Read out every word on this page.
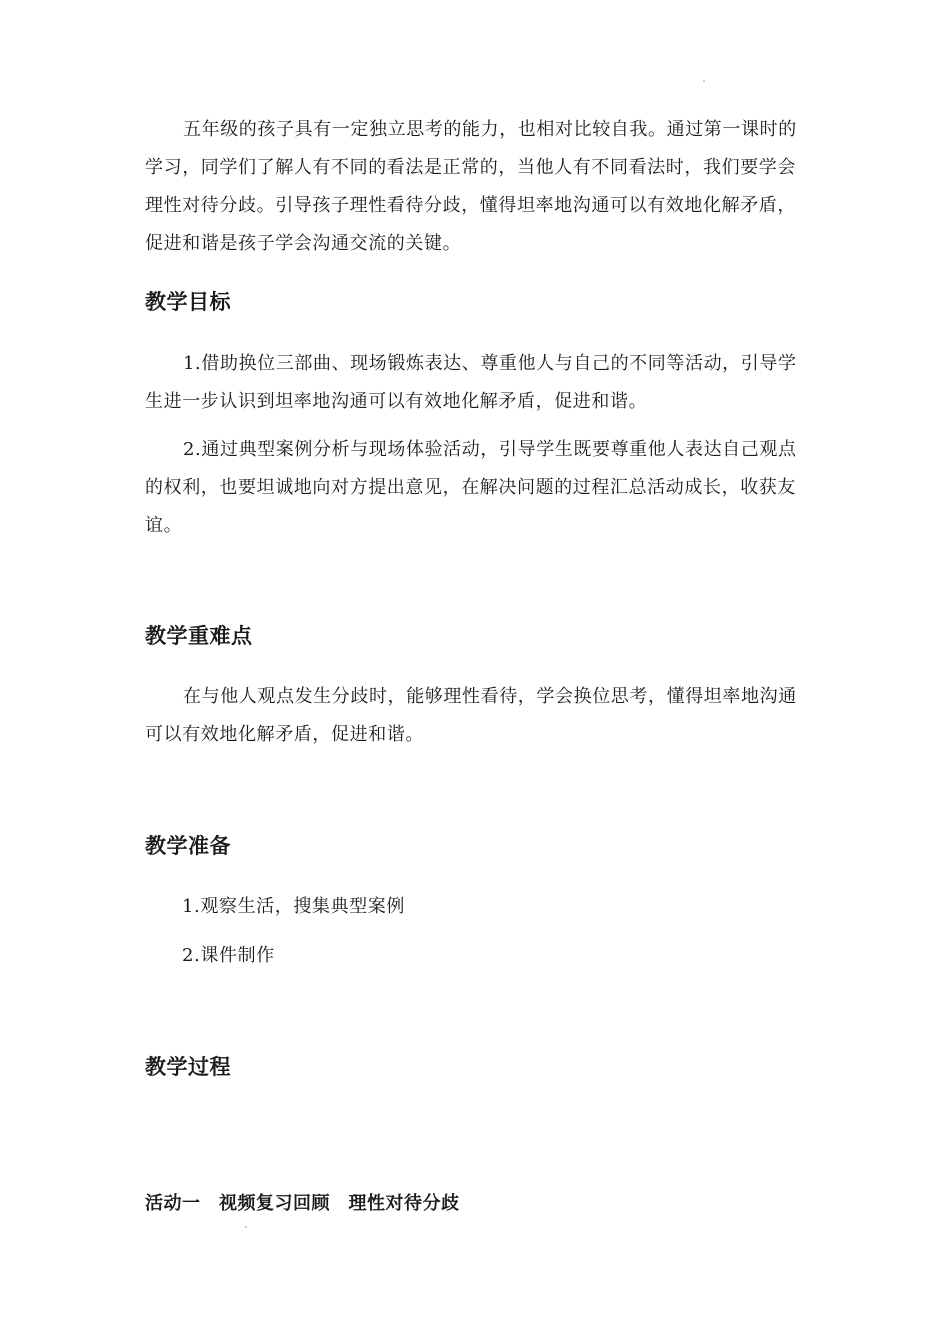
五年级的孩子具有一定独立思考的能力，也相对比较自我。通过第一课时的学习，同学们了解人有不同的看法是正常的，当他人有不同看法时，我们要学会理性对待分歧。引导孩子理性看待分歧，懂得坦率地沟通可以有效地化解矛盾，促进和谐是孩子学会沟通交流的关键。

教学目标

1.借助换位三部曲、现场锻炼表达、尊重他人与自己的不同等活动，引导学生进一步认识到坦率地沟通可以有效地化解矛盾，促进和谐。

2.通过典型案例分析与现场体验活动，引导学生既要尊重他人表达自己观点的权利，也要坦诚地向对方提出意见，在解决问题的过程汇总活动成长，收获友谊。

教学重难点

在与他人观点发生分歧时，能够理性看待，学会换位思考，懂得坦率地沟通可以有效地化解矛盾，促进和谐。

教学准备

1.观察生活，搜集典型案例

2.课件制作

教学过程
活动一　视频复习回顾　理性对待分歧
